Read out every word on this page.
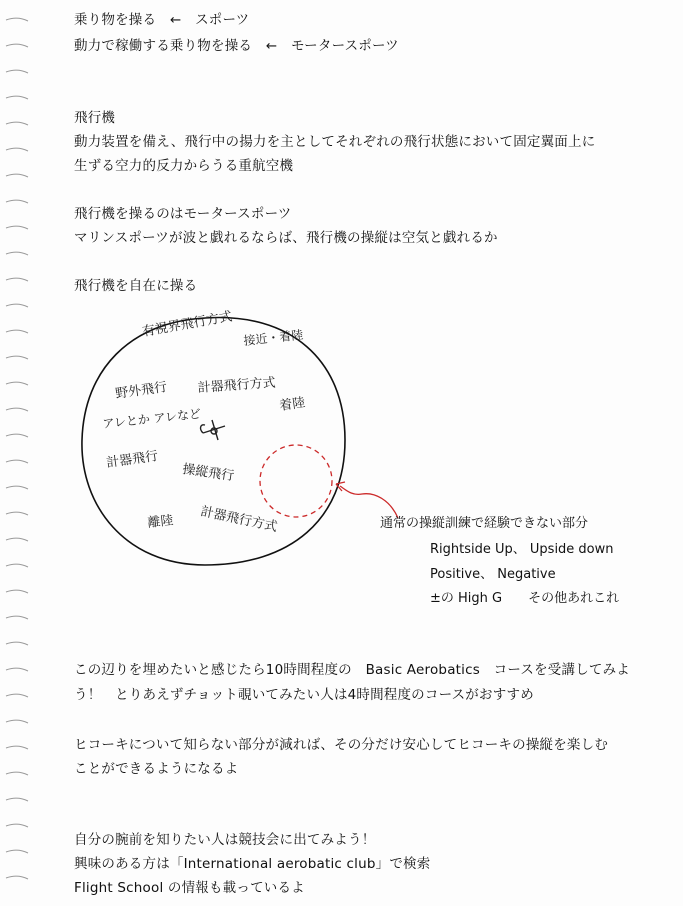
乗り物を操る　←　スポーツ
動力で稼働する乗り物を操る　←　モータースポーツ
飛行機
動力装置を備え、飛行中の揚力を主としてそれぞれの飛行状態において固定翼面上に
生ずる空力的反力からうる重航空機
飛行機を操るのはモータースポーツ
マリンスポーツが波と戯れるならば、飛行機の操縦は空気と戯れるか
飛行機を自在に操る
有視界飛行方式 接近・着陸
野外飛行 計器飛行方式
着陸
アレとか アレなど
計器飛行
操縦飛行
離陸 計器飛行方式	通常の操縦訓練で経験できない部分
Rightside Up、 Upside down
Positive、 Negative
±の High G　　その他あれこれ
この辺りを埋めたいと感じたら10時間程度の　Basic Aerobatics　コースを受講してみよ
う！　とりあえずチョット覗いてみたい人は4時間程度のコースがおすすめ
ヒコーキについて知らない部分が減れば、その分だけ安心してヒコーキの操縦を楽しむ
ことができるようになるよ
自分の腕前を知りたい人は競技会に出てみよう！
興味のある方は「International aerobatic club」で検索
Flight School の情報も載っているよ
